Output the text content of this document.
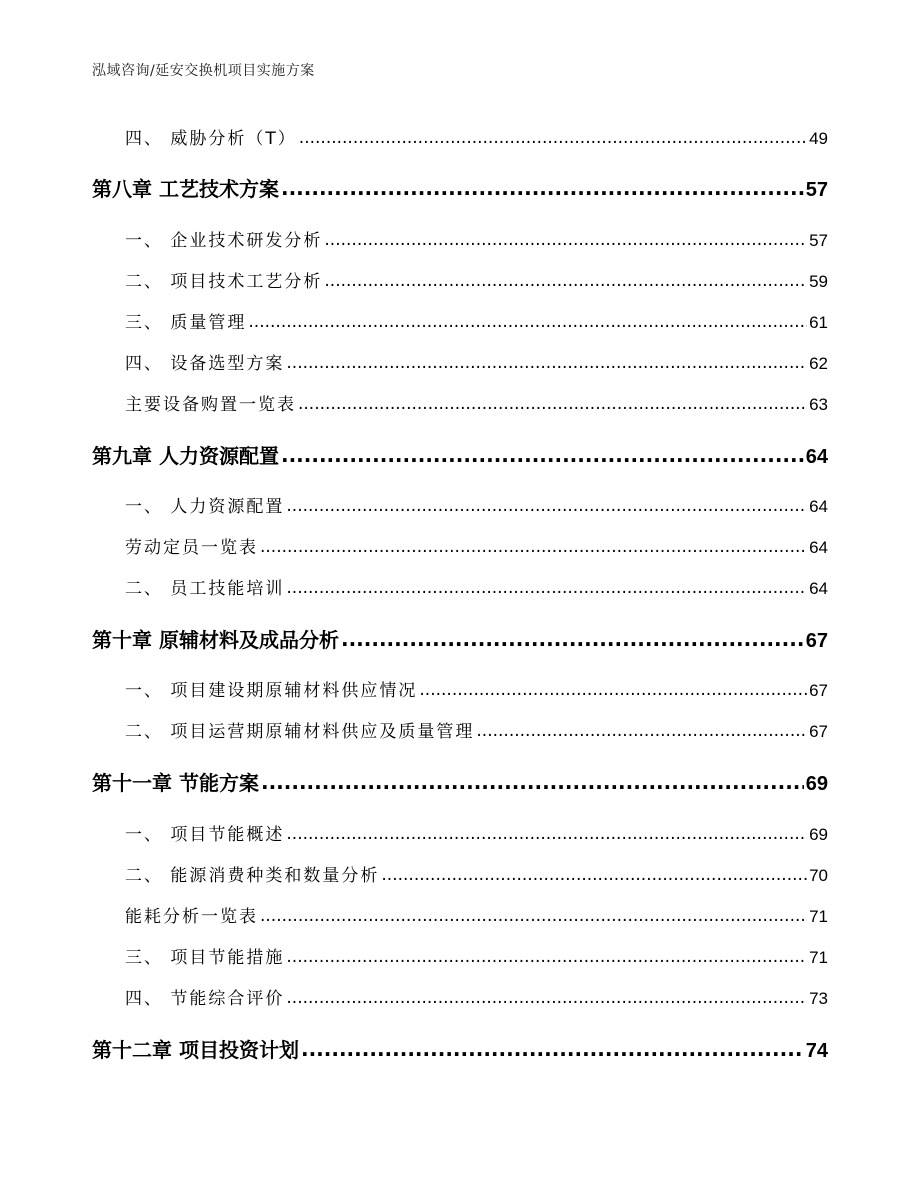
泓域咨询/延安交换机项目实施方案
四、 威胁分析（T） .....	49
第八章 工艺技术方案 .....	57
一、 企业技术研发分析 .....	57
二、 项目技术工艺分析 .....	59
三、 质量管理 .....	61
四、 设备选型方案 .....	62
主要设备购置一览表 .....	63
第九章 人力资源配置 .....	64
一、 人力资源配置 .....	64
劳动定员一览表 .....	64
二、 员工技能培训 .....	64
第十章 原辅材料及成品分析 .....	67
一、 项目建设期原辅材料供应情况 .....	67
二、 项目运营期原辅材料供应及质量管理 .....	67
第十一章 节能方案 .....	69
一、 项目节能概述 .....	69
二、 能源消费种类和数量分析 .....	70
能耗分析一览表 .....	71
三、 项目节能措施 .....	71
四、 节能综合评价 .....	73
第十二章 项目投资计划 .....	74
